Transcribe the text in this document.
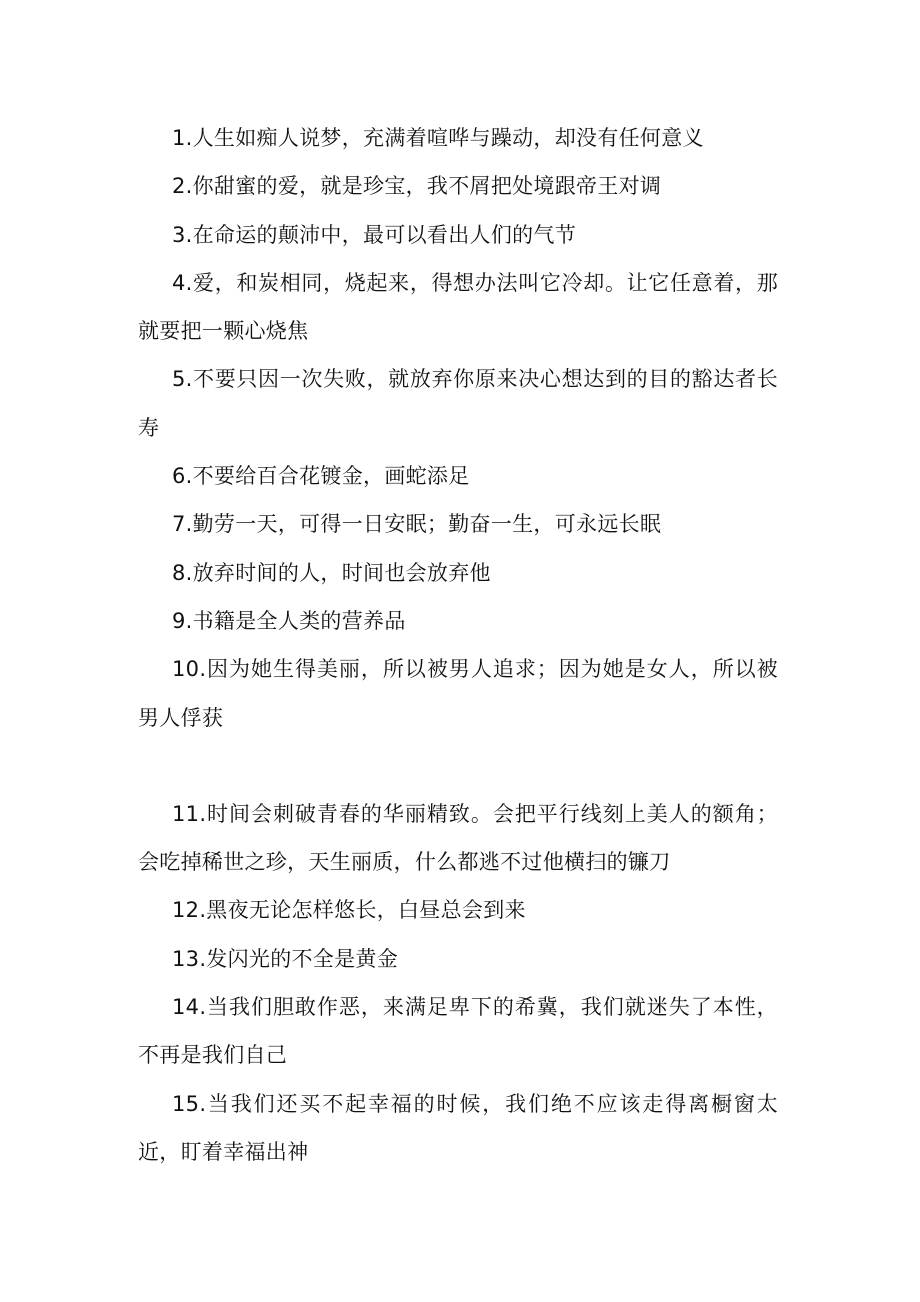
1.人生如痴人说梦，充满着喧哗与躁动，却没有任何意义

2.你甜蜜的爱，就是珍宝，我不屑把处境跟帝王对调

3.在命运的颠沛中，最可以看出人们的气节

4.爱，和炭相同，烧起来，得想办法叫它冷却。让它任意着，那就要把一颗心烧焦

5.不要只因一次失败，就放弃你原来决心想达到的目的豁达者长寿

6.不要给百合花镀金，画蛇添足

7.勤劳一天，可得一日安眠；勤奋一生，可永远长眠

8.放弃时间的人，时间也会放弃他

9.书籍是全人类的营养品

10.因为她生得美丽，所以被男人追求；因为她是女人，所以被男人俘获

11.时间会刺破青春的华丽精致。会把平行线刻上美人的额角；会吃掉稀世之珍，天生丽质，什么都逃不过他横扫的镰刀

12.黑夜无论怎样悠长，白昼总会到来

13.发闪光的不全是黄金

14.当我们胆敢作恶，来满足卑下的希冀，我们就迷失了本性，不再是我们自己

15.当我们还买不起幸福的时候，我们绝不应该走得离橱窗太近，盯着幸福出神
